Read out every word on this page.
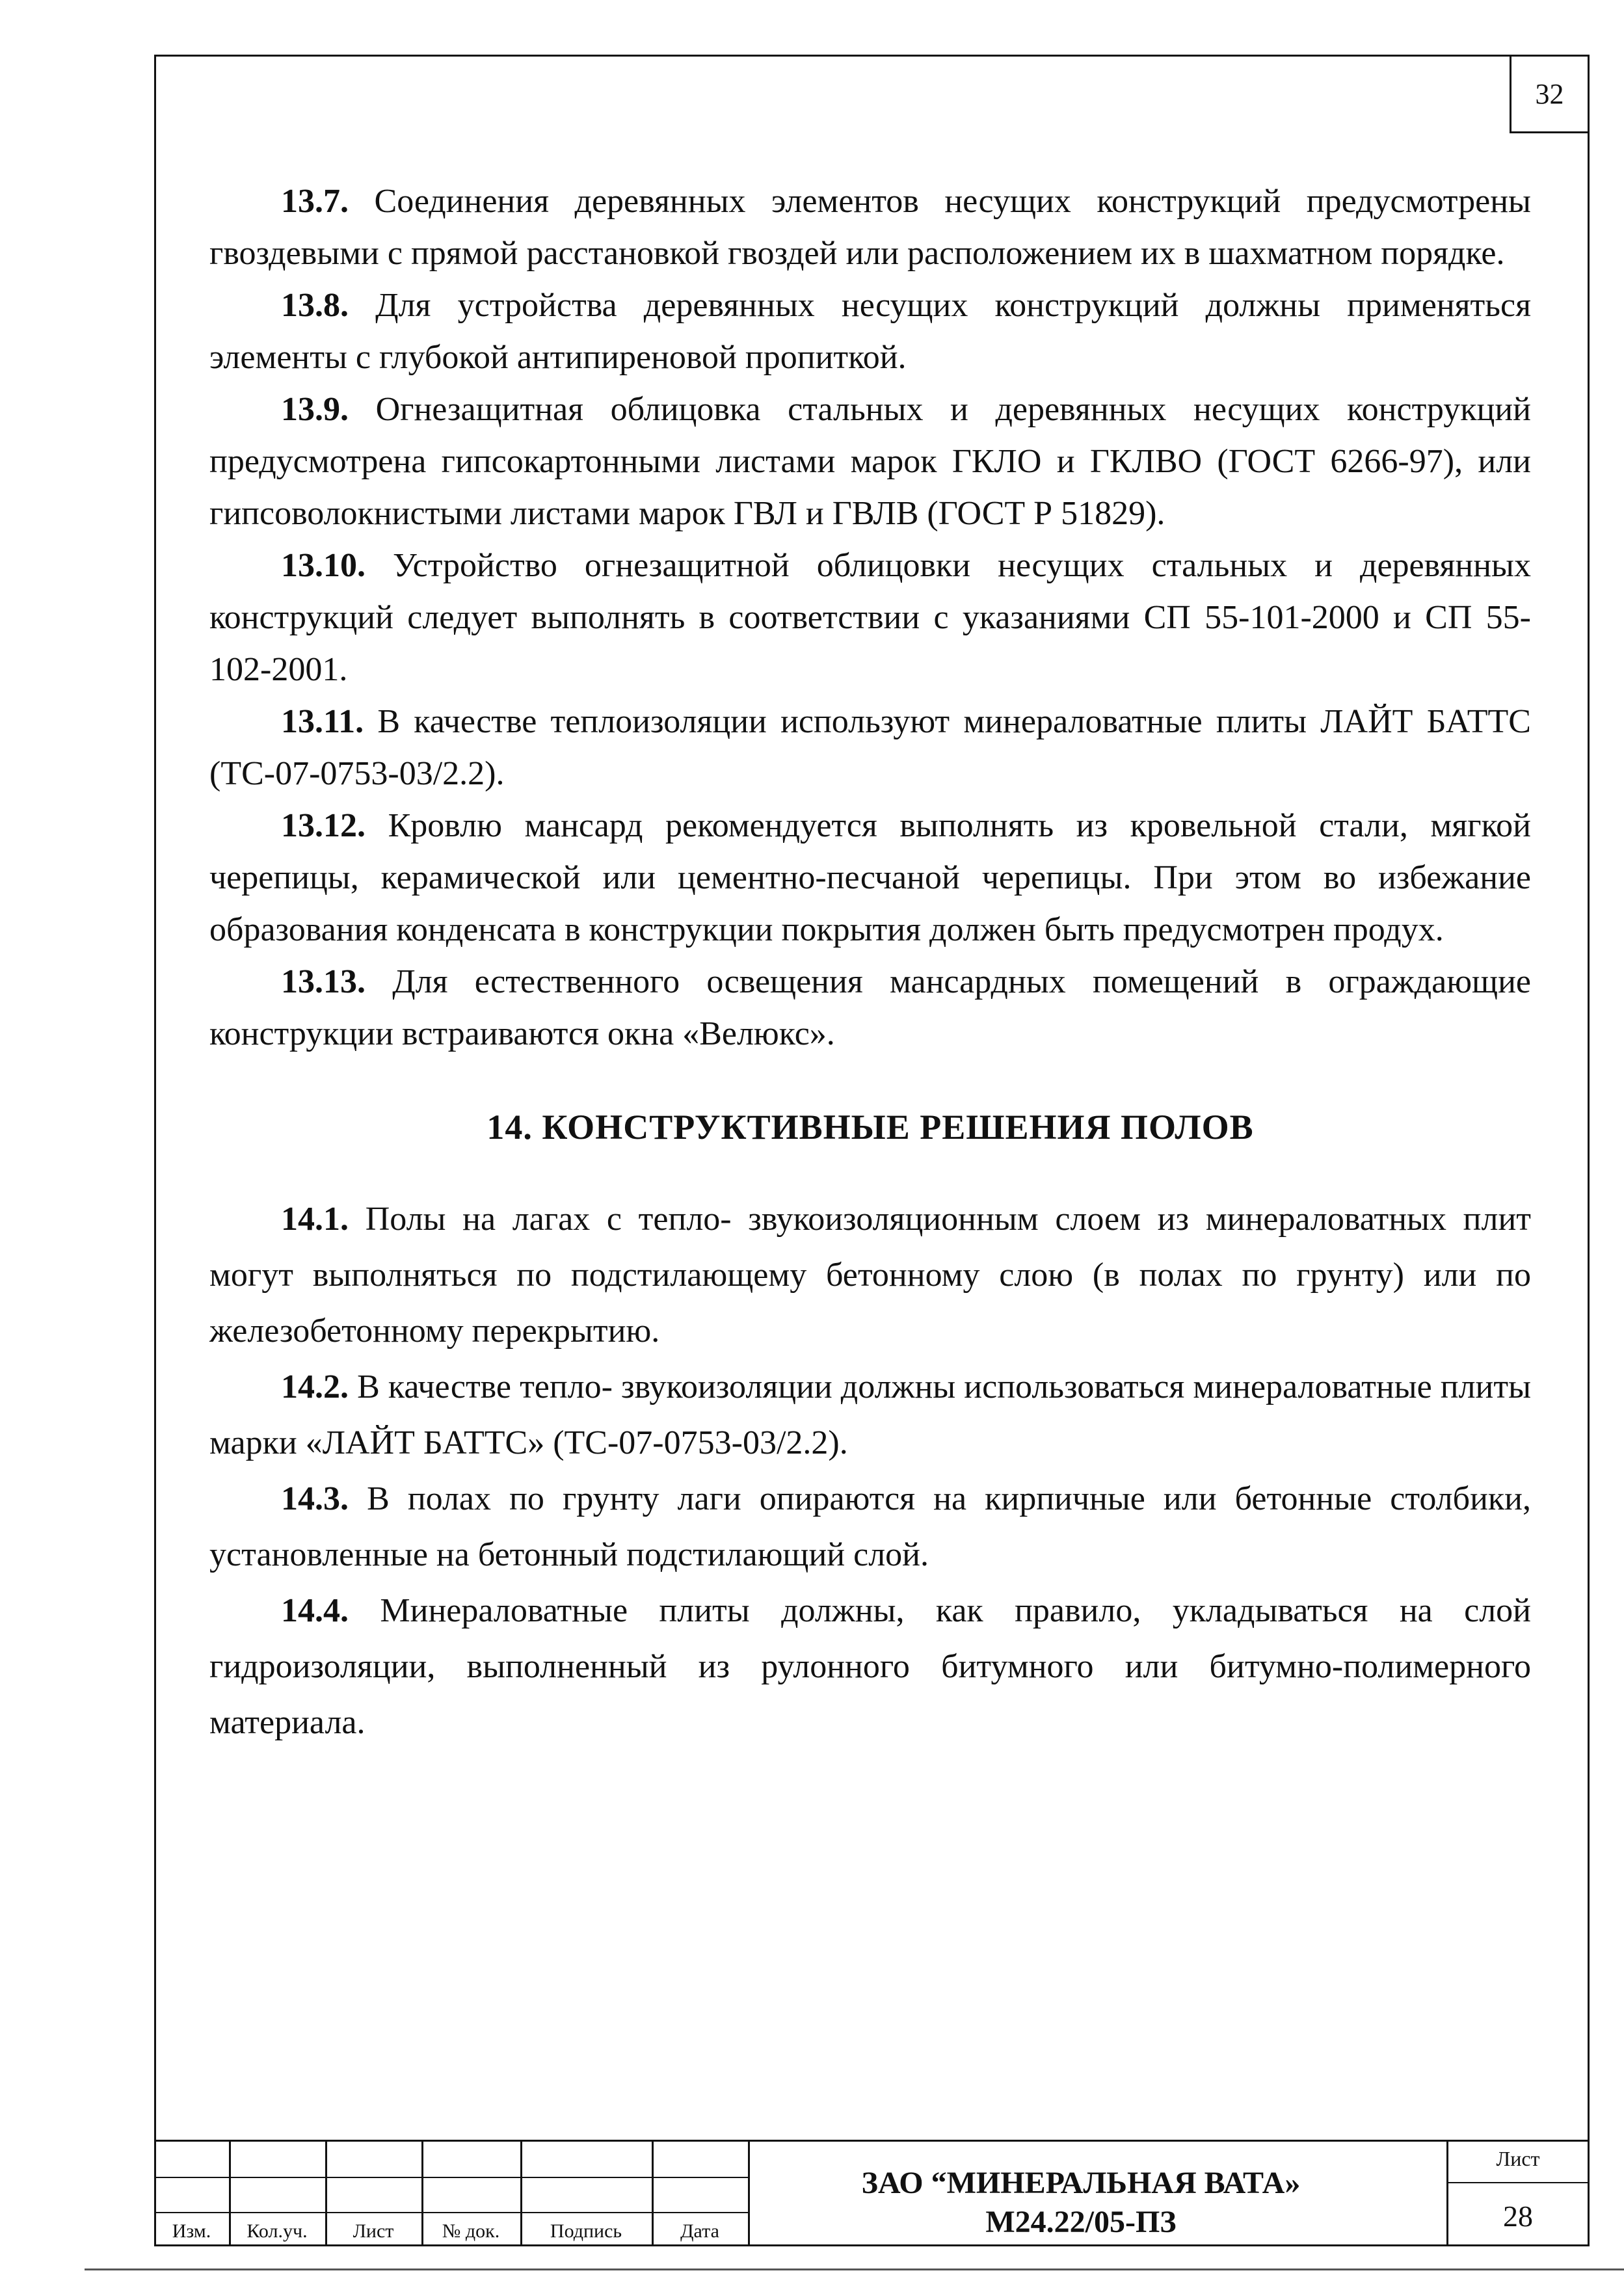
32

13.7. Соединения деревянных элементов несущих конструкций предусмотрены гвоздевыми с прямой расстановкой гвоздей или расположением их в шахматном порядке.

13.8. Для устройства деревянных несущих конструкций должны применяться элементы с глубокой антипиреновой пропиткой.

13.9. Огнезащитная облицовка стальных и деревянных несущих конструкций предусмотрена гипсокартонными листами марок ГКЛО и ГКЛВО (ГОСТ 6266-97), или гипсоволокнистыми листами марок ГВЛ и ГВЛВ (ГОСТ Р 51829).

13.10. Устройство огнезащитной облицовки несущих стальных и деревянных конструкций следует выполнять в соответствии с указаниями СП 55-101-2000 и СП 55-102-2001.

13.11. В качестве теплоизоляции используют минераловатные плиты ЛАЙТ БАТТС (ТС-07-0753-03/2.2).

13.12. Кровлю мансард рекомендуется выполнять из кровельной стали, мягкой черепицы, керамической или цементно-песчаной черепицы. При этом во избежание образования конденсата в конструкции покрытия должен быть предусмотрен продух.

13.13. Для естественного освещения мансардных помещений в ограждающие конструкции встраиваются окна «Велюкс».

14. КОНСТРУКТИВНЫЕ РЕШЕНИЯ ПОЛОВ

14.1. Полы на лагах с тепло- звукоизоляционным слоем из минераловатных плит могут выполняться по подстилающему бетонному слою (в полах по грунту) или по железобетонному перекрытию.

14.2. В качестве тепло- звукоизоляции должны использоваться минераловатные плиты марки «ЛАЙТ БАТТС» (ТС-07-0753-03/2.2).

14.3. В полах по грунту лаги опираются на кирпичные или бетонные столбики, установленные на бетонный подстилающий слой.

14.4. Минераловатные плиты должны, как правило, укладываться на слой гидроизоляции, выполненный из рулонного битумного или битумно-полимерного материала.

Изм.	Кол.уч.	Лист	№ док.	Подпись	Дата
ЗАО “МИНЕРАЛЬНАЯ ВАТА»
М24.22/05-ПЗ
Лист
28
